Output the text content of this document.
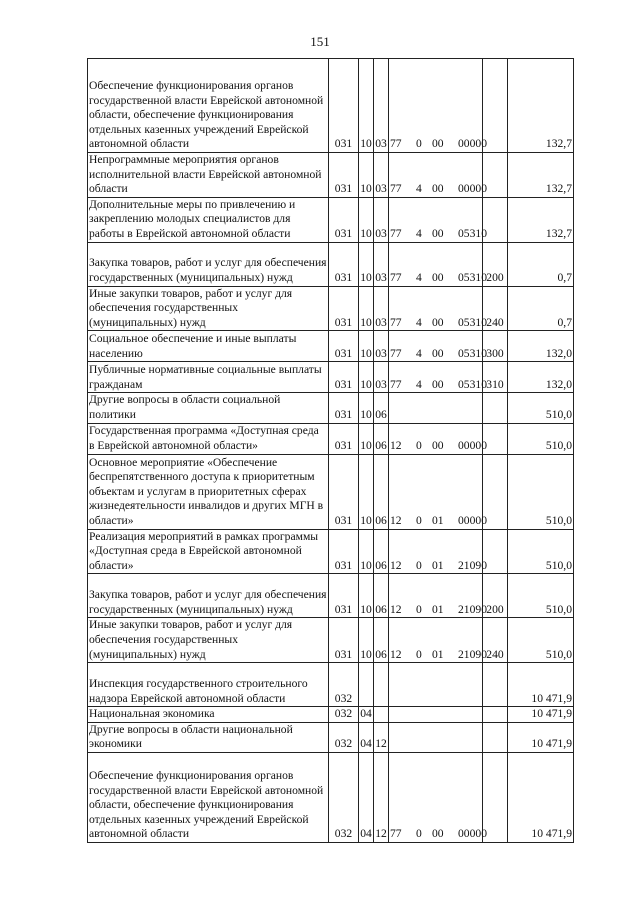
151
Обеспечение функционирования органов государственной власти Еврейской автономной области, обеспечение функционирования отдельных казенных учреждений Еврейской автономной области	031	10	03	77 0 00 00000		132,7
Непрограммные мероприятия органов исполнительной власти Еврейской автономной области	031	10	03	77 4 00 00000		132,7
Дополнительные меры по привлечению и закреплению молодых специалистов для работы в Еврейской автономной области	031	10	03	77 4 00 05310		132,7
Закупка товаров, работ и услуг для обеспечения государственных (муниципальных) нужд	031	10	03	77 4 00 05310	200	0,7
Иные закупки товаров, работ и услуг для обеспечения государственных (муниципальных) нужд	031	10	03	77 4 00 05310	240	0,7
Социальное обеспечение и иные выплаты населению	031	10	03	77 4 00 05310	300	132,0
Публичные нормативные социальные выплаты гражданам	031	10	03	77 4 00 05310	310	132,0
Другие вопросы в области социальной политики	031	10	06			510,0
Государственная программа «Доступная среда в Еврейской автономной области»	031	10	06	12 0 00 00000		510,0
Основное мероприятие «Обеспечение беспрепятственного доступа к приоритетным объектам и услугам в приоритетных сферах жизнедеятельности инвалидов и других МГН в области»	031	10	06	12 0 01 00000		510,0
Реализация мероприятий в рамках программы «Доступная среда в Еврейской автономной области»	031	10	06	12 0 01 21090		510,0
Закупка товаров, работ и услуг для обеспечения государственных (муниципальных) нужд	031	10	06	12 0 01 21090	200	510,0
Иные закупки товаров, работ и услуг для обеспечения государственных (муниципальных) нужд	031	10	06	12 0 01 21090	240	510,0
Инспекция государственного строительного надзора Еврейской автономной области	032					10 471,9
Национальная экономика	032	04				10 471,9
Другие вопросы в области национальной экономики	032	04	12			10 471,9
Обеспечение функционирования органов государственной власти Еврейской автономной области, обеспечение функционирования отдельных казенных учреждений Еврейской автономной области	032	04	12	77 0 00 00000		10 471,9
